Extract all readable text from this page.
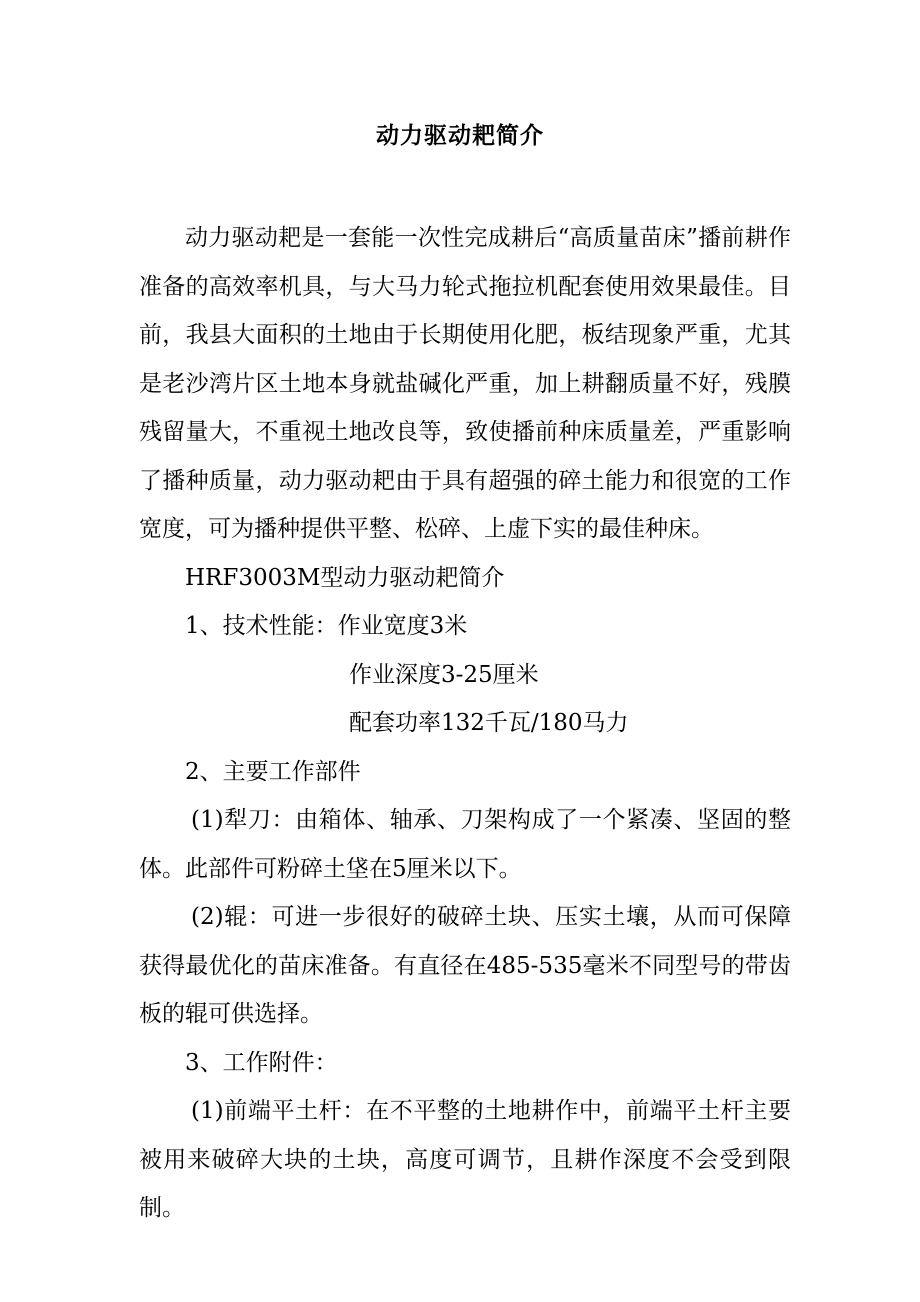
动力驱动耙简介

动力驱动耙是一套能一次性完成耕后“高质量苗床”播前耕作准备的高效率机具，与大马力轮式拖拉机配套使用效果最佳。目前，我县大面积的土地由于长期使用化肥，板结现象严重，尤其是老沙湾片区土地本身就盐碱化严重，加上耕翻质量不好，残膜残留量大，不重视土地改良等，致使播前种床质量差，严重影响了播种质量，动力驱动耙由于具有超强的碎土能力和很宽的工作宽度，可为播种提供平整、松碎、上虚下实的最佳种床。

HRF3003M型动力驱动耙简介

1、技术性能：作业宽度3米

作业深度3-25厘米

配套功率132千瓦/180马力

2、主要工作部件

(1)犁刀：由箱体、轴承、刀架构成了一个紧凑、坚固的整体。此部件可粉碎土垡在5厘米以下。

(2)辊：可进一步很好的破碎土块、压实土壤，从而可保障获得最优化的苗床准备。有直径在485-535毫米不同型号的带齿板的辊可供选择。

3、工作附件：

(1)前端平土杆：在不平整的土地耕作中，前端平土杆主要被用来破碎大块的土块，高度可调节，且耕作深度不会受到限制。
